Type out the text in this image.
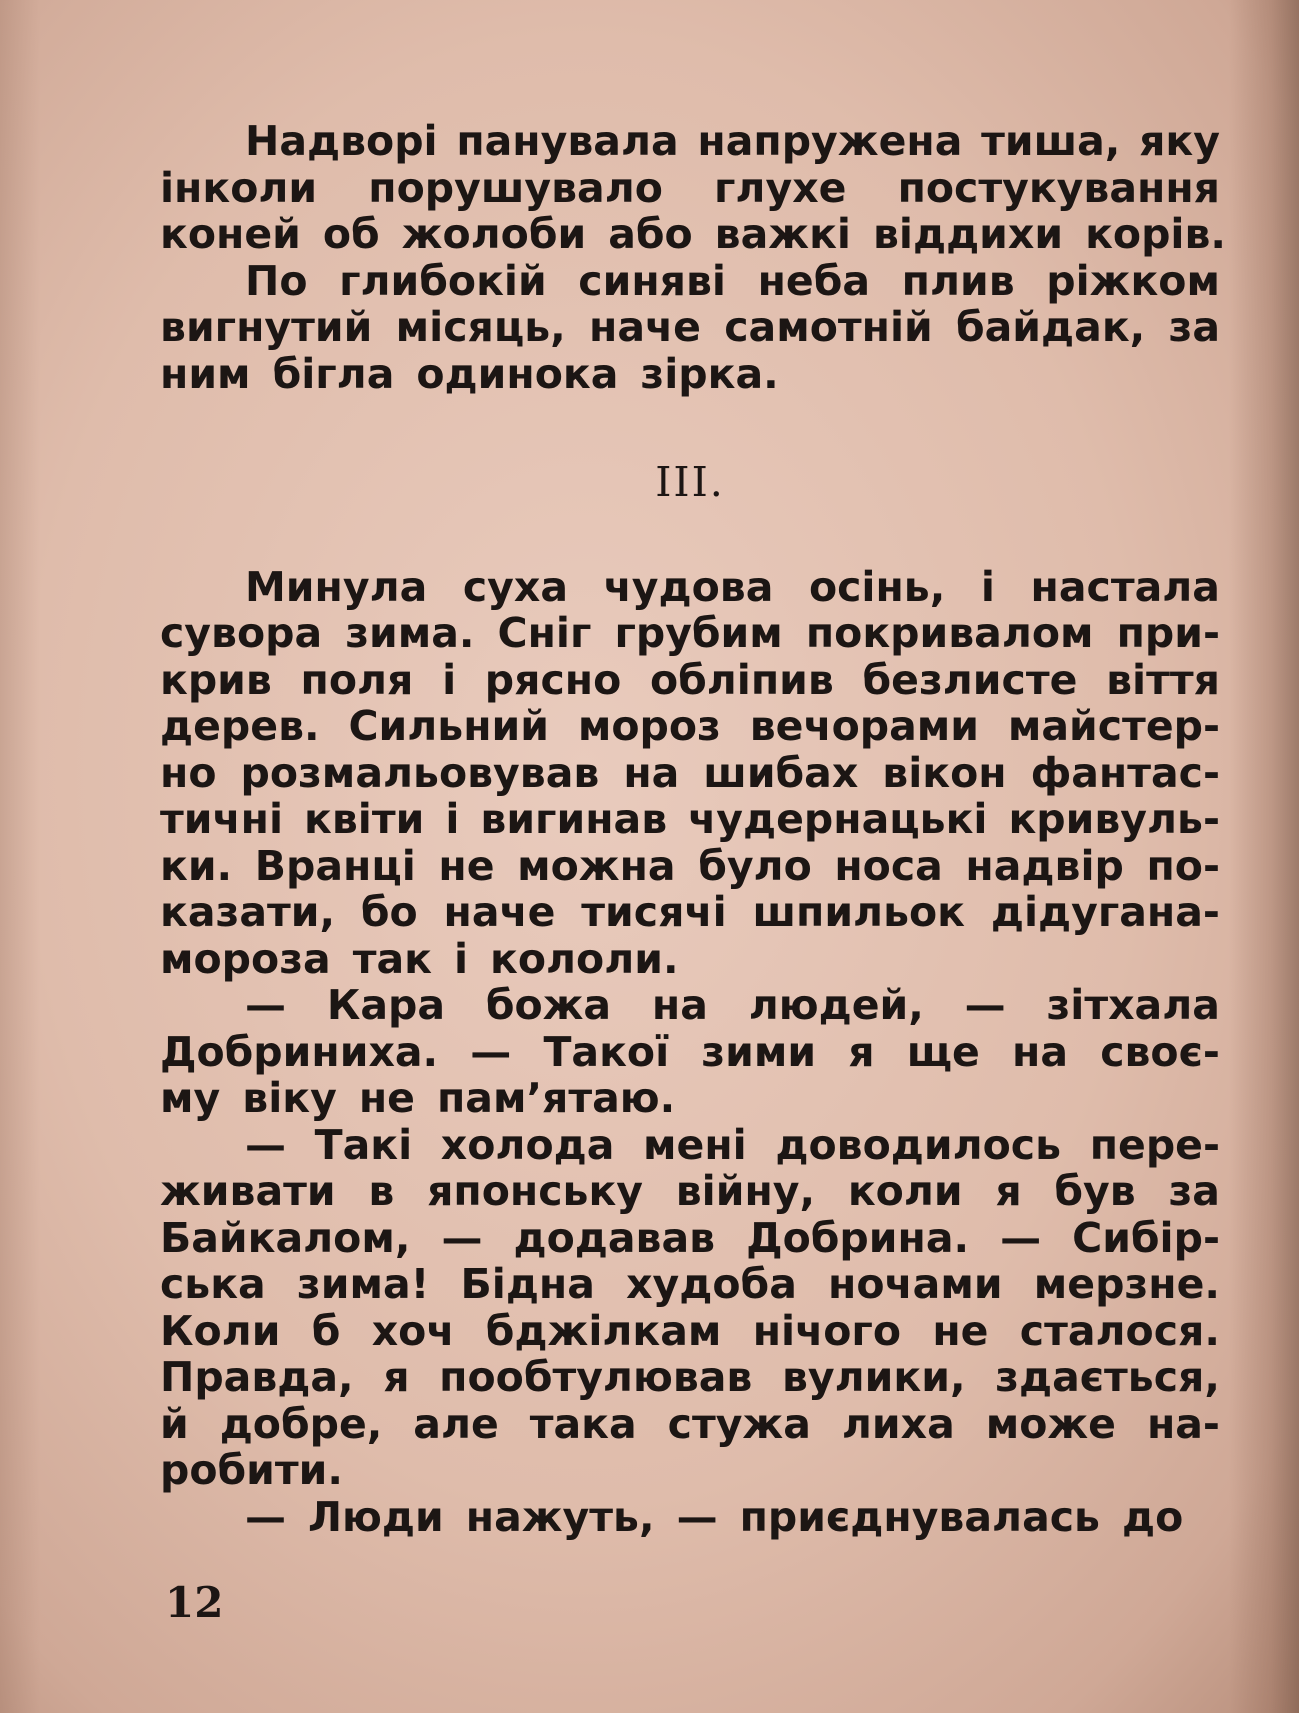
Надворі панувала напружена тиша, яку
інколи порушувало глухе постукування
коней об жолоби або важкі віддихи корів.
По глибокій синяві неба плив ріжком
вигнутий місяць, наче самотній байдак, за
ним бігла одинока зірка.
III.
Минула суха чудова осінь, і настала
сувора зима. Сніг грубим покривалом при-
крив поля і рясно обліпив безлисте віття
дерев. Сильний мороз вечорами майстер-
но розмальовував на шибах вікон фантас-
тичні квіти і вигинав чудернацькі кривуль-
ки. Вранці не можна було носа надвір по-
казати, бо наче тисячі шпильок дідугана-
мороза так і кололи.
— Кара божа на людей, — зітхала
Добриниха. — Такої зими я ще на своє-
му віку не пам’ятаю.
— Такі холода мені доводилось пере-
живати в японську війну, коли я був за
Байкалом, — додавав Добрина. — Сибір-
ська зима! Бідна худоба ночами мерзне.
Коли б хоч бджілкам нічого не сталося.
Правда, я пообтулював вулики, здається,
й добре, але така стужа лиха може на-
робити.
— Люди нажуть, — приєднувалась до
12
